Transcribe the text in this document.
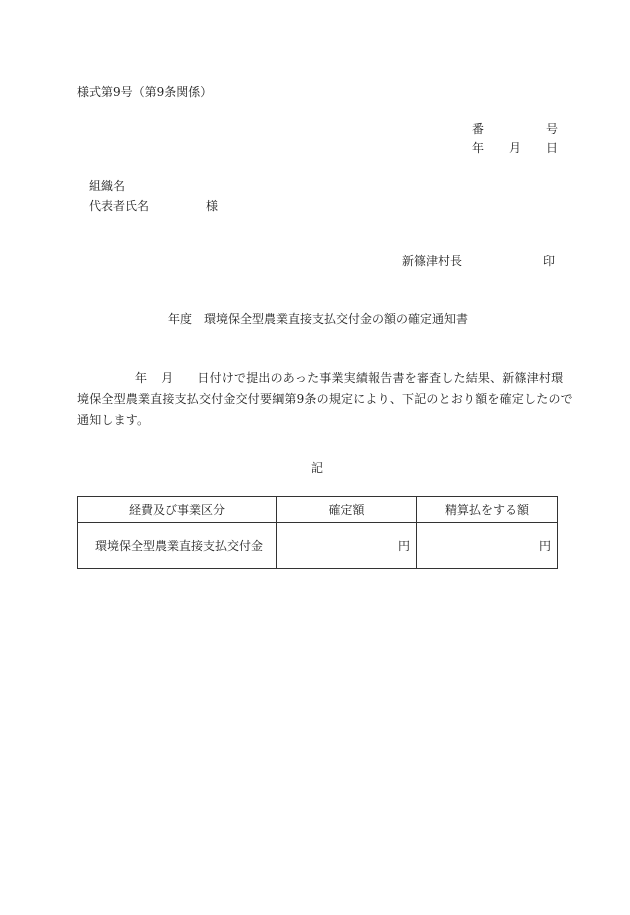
様式第9号（第9条関係）
番	号
年 月 日
組織名
代表者氏名	様
新篠津村長	印
年度 環境保全型農業直接支払交付金の額の確定通知書
年 月 日付けで提出のあった事業実績報告書を審査した結果、新篠津村環
境保全型農業直接支払交付金交付要綱第9条の規定により、下記のとおり額を確定したので
通知します。
記
経費及び事業区分	確定額	精算払をする額
環境保全型農業直接支払交付金	円	円
